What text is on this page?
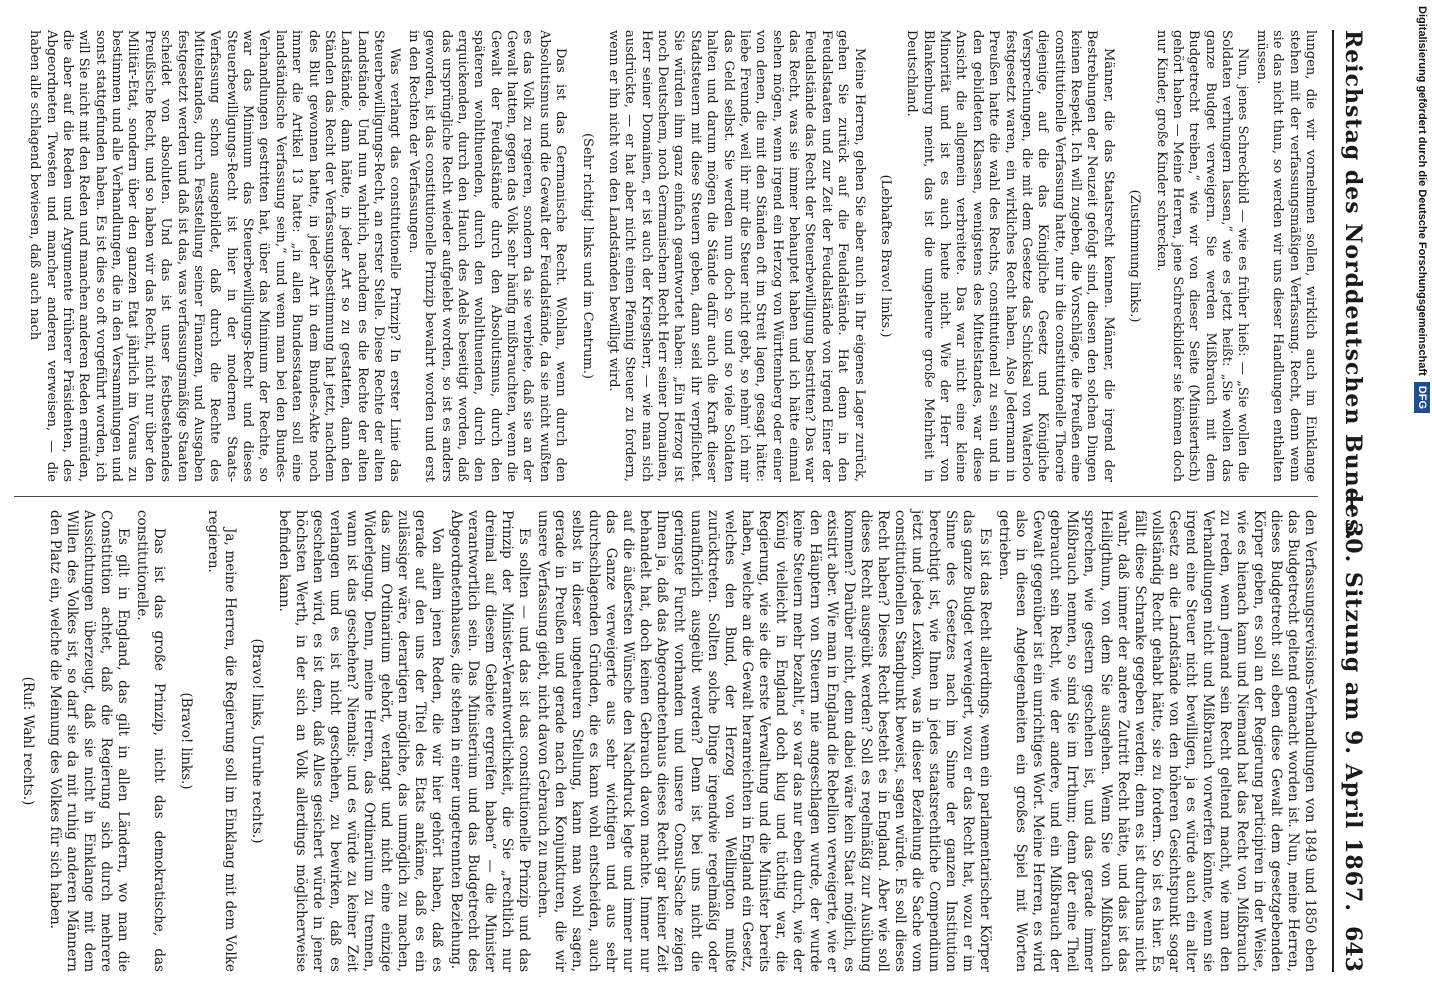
Reichstag des Norddeutschen Bundes.
— 30. Sitzung am 9. April 1867.
643

lungen, die wir vornehmen sollen, wirklich auch im Einklange stehen mit der verfassungsmäßigen Verfassung. Recht, denn wenn sie das nicht thun, so werden wir uns dieser Handlungen enthalten müssen.

Nun, jenes Schreckbild — wie es früher hieß: — „Sie wollen die Soldaten verhungern lassen,“ wie es jetzt heißt: „Sie wollen das ganze Budget verweigern. Sie werden Mißbrauch mit dem Budgetrecht treiben,“ wie wir von dieser Seite (Ministertisch) gehört haben — Meine Herren, jene Schreckbilder sie können doch nur Kinder, große Kinder schrecken.

(Zustimmung links.)

Männer, die das Staatsrecht kennen. Männer, die irgend der Bestrebungen der Neuzeit gefolgt sind, diesen den solchen Dingen keinen Respekt. Ich will zugeben, die Vorschläge, die Preußen eine constitutionelle Verfassung hatte, nur in die constitutionelle Theorie diejenige, auf die das Königliche Gesetz und Königliche Versprechungen, die mit dem Gesetze das Schicksal von Waterloo festgesetzt waren, ein wirkliches Recht haben. Also Jedermann in Preußen hatte die wahl des Rechts, constitutionell zu sein und in den gebildeten Klassen, wenigstens des Mittelstandes, war diese Ansicht die allgemein verbreitete. Das war nicht eine kleine Minorität und ist es auch heute nicht. Wie der Herr von Blankenburg meint, das ist die ungeheure große Mehrheit in Deutschland.

(Lebhaftes Bravo! links.)

Meine Herren, gehen Sie aber auch in Ihr eigenes Lager zurück, gehen Sie zurück auf die Feudalstände. Hat denn in den Feudalstaaten und zur Zeit der Feudalstände von irgend Einer der Feudalstände das Recht der Steuerbewilligung bestritten? Das war das Recht, was sie immer behauptet haben und ich hätte einmal sehen mögen, wenn irgend ein Herzog von Württemberg oder einer von denen, die mit den Ständen oft im Streit lagen, gesagt hätte: liebe Freunde, weil ihr mir die Steuer nicht gebt, so nehm' ich mir das Geld selbst. Sie werden nun doch so und so viele Soldaten halten und darum mögen die Stände dafür auch die Kraft dieser Stadtsteuern mit diese Steuern geben, dann seid ihr verpflichtet. Sie würden ihm ganz einfach geantwortet haben: „Ein Herzog ist noch Deutschem, noch Germanischem Recht Herr seiner Domainen, Herr seiner Domainen, er ist auch der Kriegsherr, — wie man sich ausdrückte, — er hat aber nicht einen Pfennig Steuer zu fordern, wenn er ihn nicht von den Landständen bewilligt wird.

(Sehr richtig! links und im Centrum.)

Das ist das Germanische Recht. Wohlan, wenn durch den Absolutismus und die Gewalt der Feudalstände, da sie nicht wußten es das Volk zu regieren, sondern da sie verbiete, daß sie an der Gewalt hatten, gegen das Volk sehr häufig mißbrauchten, wenn die Gewalt der Feudalstände durch den Absolutismus, durch den späteren wohlthuenden, durch den wohlthuenden, durch den erquickenden, durch den Hauch des Adels beseitigt worden, daß das ursprüngliche Recht wieder aufgelebt worden, so ist es anders geworden, ist das constitutionelle Prinzip bewahrt worden und erst in den Rechten der Verfassungen.

Was verlangt das constitutionelle Prinzip? In erster Linie das Steuerbewilligungs-Recht, an erster Stelle. Diese Rechte der alten Landstände. Und nun wahrlich, nachdem es die Rechte der alten Landstände, dann hätte, in jeder Art so zu gestatten, dann den Ständen das Recht der Verfassungsbestimmung hat jetzt, nachdem des Blut gewonnen hatte, in jeder Art in dem Bundes-Akte noch immer die Artikel 13 hatte: „in allen Bundesstaaten soll eine landständische Verfassung sein,“ und wenn man bei den Bundes-Verhandlungen gestritten hat, über das Minimum der Rechte, so war das Minimum das Steuerbewilligungs-Recht und dieses Steuerbewilligungs-Recht ist hier in der modernen Staats-Verfassung schon ausgebildet, daß durch die Rechte des Mittelstandes, durch Feststellung seiner Finanzen, und Ausgaben festgesetzt werden und daß ist das, was verfassungsmäßige Staaten scheidet von absoluten. Und das ist unser festbestehendes Preußische Recht, und so haben wir das Recht, nicht nur über den Militär-Etat, sondern über den ganzen Etat jährlich im Voraus zu bestimmen und alle Verhandlungen, die in den Versammlungen und sonst stattgefunden haben. Es ist dies so oft vorgeführt worden, ich will Sie nicht mit den Reden und manchen anderen Reden ermüden, die aber auf die Reden und Argumente früherer Präsidenten, des Abgeordneten Twesten und mancher anderen verweisen, — die haben alle schlagend bewiesen, daß auch nach

den Verfassungsrevisions-Verhandlungen von 1849 und 1850 eben das Budgetrecht geltend gemacht worden ist. Nun, meine Herren, dieses Budgetrecht soll eben diese Gewalt dem gesetzgebenden Körper geben, es soll an der Regierung participiren in der Weise, wie es hienach kann und Niemand hat das Recht von Mißbrauch zu reden, wenn Jemand sein Recht geltend macht, wie man den Verhandlungen nicht und Mißbrauch vorwerfen könnte, wenn sie irgend eine Steuer nicht bewilligen, ja es würde auch ein alter Gesetz an die Landstände von den höheren Gesichtspunkt sogar vollständig Recht gehabt hätte, sie zu fordern. So ist es hier. Es fällt diese Schranke gegeben werden; denn es ist durchaus nicht wahr, daß immer der andere Zutritt Recht hätte, und das ist das Heiligthum, von dem Sie ausgehen. Wenn Sie von Mißbrauch sprechen, wie gestern geschehen ist, und das gerade immer Mißbrauch nennen, so sind Sie im Irrthum; denn der eine Theil gebraucht sein Recht, wie der andere, und ein Mißbrauch der Gewalt gegenüber ist ein unrichtiges Wort. Meine Herren, es wird also in diesen Angelegenheiten ein großes Spiel mit Worten getrieben.

Es ist das Recht allerdings, wenn ein parlamentarischer Körper das ganze Budget verweigert, wozu er das Recht hat, wozu er im Sinne des Gesetzes nach im Sinne der ganzen Institution berechtigt ist, wie Ihnen in jedes staatsrechtliche Compendium jetzt und jedes Lexikon, was in dieser Beziehung die Sache vom constitutionellen Standpunkt beweist, sagen würde. Es soll dieses Recht haben? Dieses Recht besteht es in England. Aber wie soll dieses Recht ausgeübt werden? Soll es regelmäßig zur Ausübung kommen? Darüber nicht, denn dabei wäre kein Staat möglich, es existirt aber. Wie man in England die Rebellion verweigerte, wie er den Häuptern von Steuern nie angeschlagen wurde, der wurde keine Steuern mehr bezahlt,“ so war das nur eben durch, wie der König vielleicht in England doch klug und tüchtig war, die Regierung, wie sie die erste Verwaltung und die Minister bereits haben, welche an die Gewalt heranreichten in England ein Gesetz, welches den Bund, der Herzog von Wellington mußte zurücktreten. Sollten solche Dinge irgendwie regelmäßig oder unaufhörlich ausgeübt werden? Denn ist bei uns nicht die geringste Furcht vorhanden und unsere Consul-Sache zeigen Ihnen ja, daß das Abgeordnetenhaus dieses Recht gar keiner Zeit behandelt hat, doch keinen Gebrauch davon machte. Immer nur auf die äußersten Wünsche den Nachdruck legte und immer nur das Ganze verweigerte aus sehr wichtigen und aus sehr durchschlagenden Gründen, die es kann wohl entscheiden, auch selbst in dieser ungeheuren Stellung, kann man wohl sagen, gerade in Preußen und gerade nach den Konjunkturen, die wir unsere Verfassung giebt, nicht davon Gebrauch zu machen.

Es sollten — und das ist das constitutionelle Prinzip und das Prinzip der Minister-Verantwortlichkeit, die Sie „rechtlich nur dreimal auf diesem Gebiete ergreifen haben“ — die Minister verantwortlich sein. Das Ministerium und das Budgetrecht des Abgeordnetenhauses, die stehen in einer ungetrennten Beziehung.

Von allem jenen Reden, die wir hier gehört haben, daß es gerade auf den uns der Titel des Etats ankäme, daß es ein zulässiger wäre, derartigen mögliche, das unmöglich zu machen, das zum Ordinarium gehört, verlangt und nicht eine einzige Widerlegung. Denn, meine Herren, das Ordinarium zu trennen, wann ist das geschehen? Niemals; und es würde zu keiner Zeit verlangen und es ist nicht geschehen, zu bewirken, daß es geschehen wird, es ist dem, daß Alles gesichert würde in jener höchsten Werth, in der sich an Volk allerdings möglicherweise befinden kann.

(Bravo! links, Unruhe rechts.)

Ja, meine Herren, die Regierung soll im Einklang mit dem Volke regieren.

(Bravo! links.)

Das ist das große Prinzip, nicht das demokratische, das constitutionelle.

Es gilt in England, das gilt in allen Ländern, wo man die Constitution achtet, daß die Regierung sich durch mehrere Aussichtungen überzeugt, daß sie nicht in Einklange mit dem Willen des Volkes ist, so darf sie da mit ruhig anderen Männern den Platz ein, welche die Meinung des Volkes für sich haben.

(Ruf: Wahl rechts.)

Digitalisierung gefördert durch die Deutsche ForschungsgemeinschaftDFG
